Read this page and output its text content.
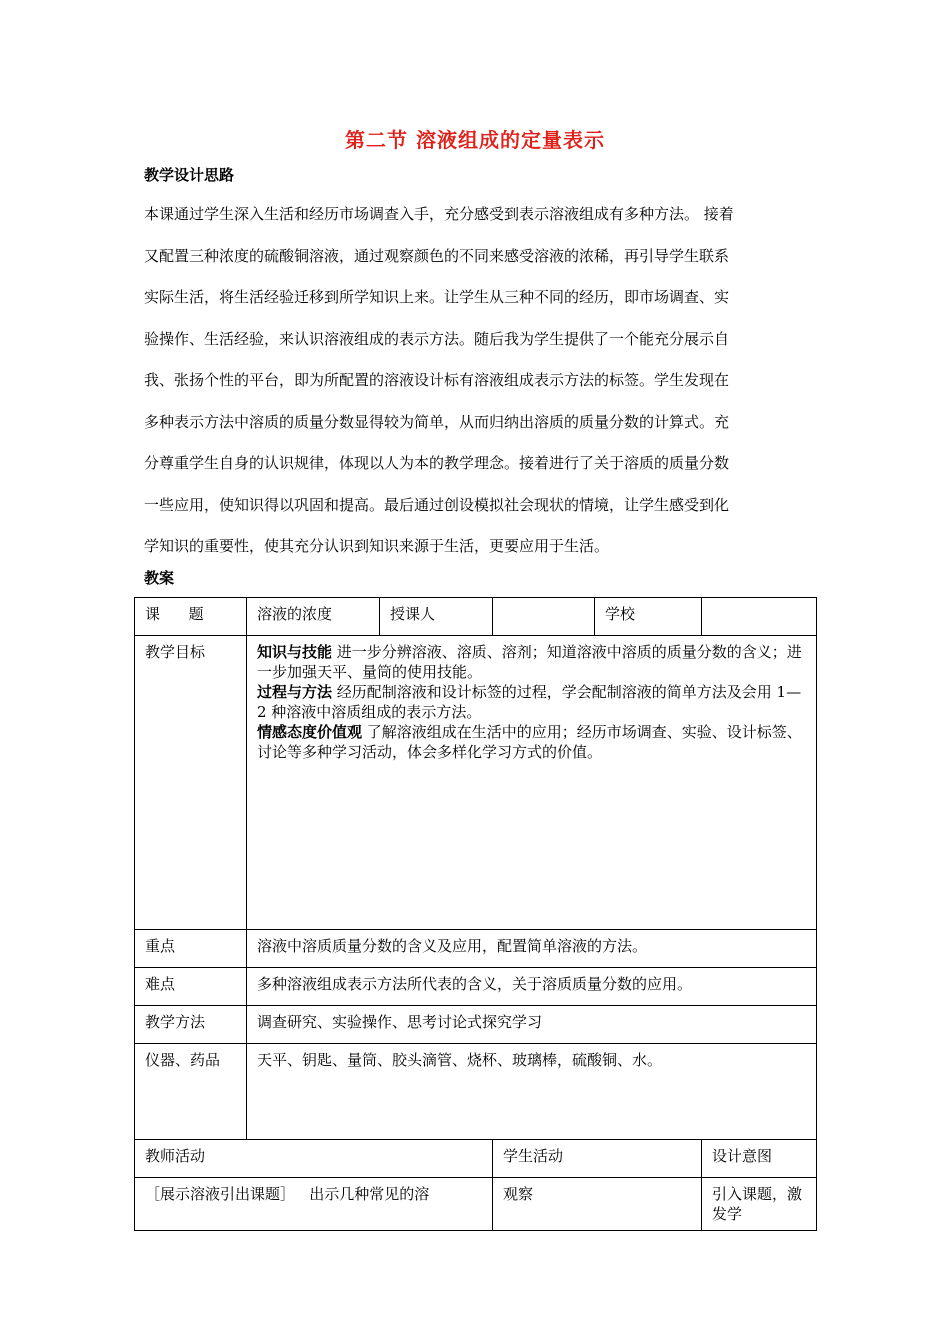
第二节 溶液组成的定量表示
教学设计思路
本课通过学生深入生活和经历市场调查入手，充分感受到表示溶液组成有多种方法。 接着
又配置三种浓度的硫酸铜溶液，通过观察颜色的不同来感受溶液的浓稀，再引导学生联系
实际生活，将生活经验迁移到所学知识上来。让学生从三种不同的经历，即市场调查、实
验操作、生活经验，来认识溶液组成的表示方法。随后我为学生提供了一个能充分展示自
我、张扬个性的平台，即为所配置的溶液设计标有溶液组成表示方法的标签。学生发现在
多种表示方法中溶质的质量分数显得较为简单，从而归纳出溶质的质量分数的计算式。充
分尊重学生自身的认识规律，体现以人为本的教学理念。接着进行了关于溶质的质量分数
一些应用，使知识得以巩固和提高。最后通过创设模拟社会现状的情境，让学生感受到化
学知识的重要性，使其充分认识到知识来源于生活，更要应用于生活。
教案
课      题	溶液的浓度	授课人		学校	
教学目标	知识与技能 进一步分辨溶液、溶质、溶剂；知道溶液中溶质的质量分数的含义；进一步加强天平、量筒的使用技能。

过程与方法 经历配制溶液和设计标签的过程，学会配制溶液的简单方法及会用 1—2 种溶液中溶质组成的表示方法。

情感态度价值观 了解溶液组成在生活中的应用；经历市场调查、实验、设计标签、讨论等多种学习活动，体会多样化学习方式的价值。				

重点	溶液中溶质质量分数的含义及应用，配置简单溶液的方法。				
难点	多种溶液组成表示方法所代表的含义，关于溶质质量分数的应用。				
教学方法	调查研究、实验操作、思考讨论式探究学习				
仪器、药品	天平、钥匙、量筒、胶头滴管、烧杯、玻璃棒，硫酸铜、水。				
教师活动			学生活动		设计意图
［展示溶液引出课题］   出示几种常见的溶			观察		引入课题，激发学
